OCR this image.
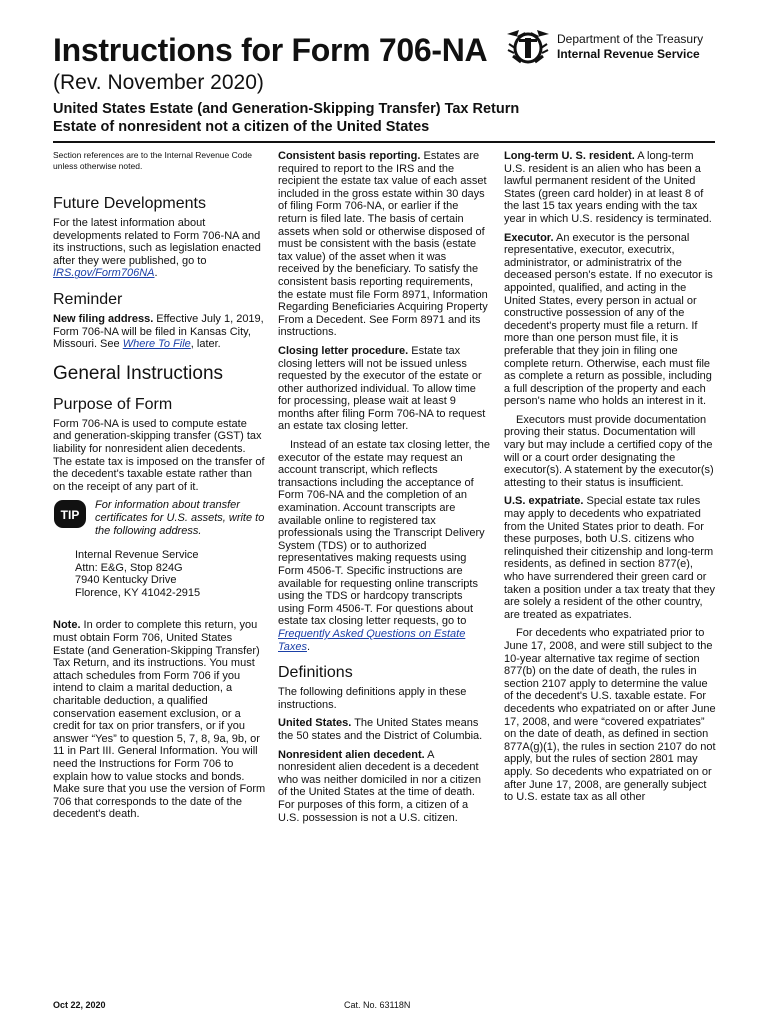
Instructions for Form 706-NA
(Rev. November 2020)
United States Estate (and Generation-Skipping Transfer) Tax Return
Estate of nonresident not a citizen of the United States
Department of the Treasury
Internal Revenue Service

Section references are to the Internal Revenue Code unless otherwise noted.

Future Developments

For the latest information about developments related to Form 706-NA and its instructions, such as legislation enacted after they were published, go to IRS.gov/Form706NA.

Reminder

New filing address. Effective July 1, 2019, Form 706-NA will be filed in Kansas City, Missouri. See Where To File, later.

General Instructions
Purpose of Form

Form 706-NA is used to compute estate and generation-skipping transfer (GST) tax liability for nonresident alien decedents. The estate tax is imposed on the transfer of the decedent's taxable estate rather than on the receipt of any part of it.

TIP
For information about transfer certificates for U.S. assets, write to the following address.
Internal Revenue Service
Attn: E&G, Stop 824G
7940 Kentucky Drive
Florence, KY 41042-2915

Note. In order to complete this return, you must obtain Form 706, United States Estate (and Generation-Skipping Transfer) Tax Return, and its instructions. You must attach schedules from Form 706 if you intend to claim a marital deduction, a charitable deduction, a qualified conservation easement exclusion, or a credit for tax on prior transfers, or if you answer “Yes” to question 5, 7, 8, 9a, 9b, or 11 in Part III. General Information. You will need the Instructions for Form 706 to explain how to value stocks and bonds. Make sure that you use the version of Form 706 that corresponds to the date of the decedent's death.

Consistent basis reporting. Estates are required to report to the IRS and the recipient the estate tax value of each asset included in the gross estate within 30 days of filing Form 706-NA, or earlier if the return is filed late. The basis of certain assets when sold or otherwise disposed of must be consistent with the basis (estate tax value) of the asset when it was received by the beneficiary. To satisfy the consistent basis reporting requirements, the estate must file Form 8971, Information Regarding Beneficiaries Acquiring Property From a Decedent. See Form 8971 and its instructions.

Closing letter procedure. Estate tax closing letters will not be issued unless requested by the executor of the estate or other authorized individual. To allow time for processing, please wait at least 9 months after filing Form 706-NA to request an estate tax closing letter.

Instead of an estate tax closing letter, the executor of the estate may request an account transcript, which reflects transactions including the acceptance of Form 706-NA and the completion of an examination. Account transcripts are available online to registered tax professionals using the Transcript Delivery System (TDS) or to authorized representatives making requests using Form 4506-T. Specific instructions are available for requesting online transcripts using the TDS or hardcopy transcripts using Form 4506-T. For questions about estate tax closing letter requests, go to Frequently Asked Questions on Estate Taxes.

Definitions

The following definitions apply in these instructions.

United States. The United States means the 50 states and the District of Columbia.

Nonresident alien decedent. A nonresident alien decedent is a decedent who was neither domiciled in nor a citizen of the United States at the time of death. For purposes of this form, a citizen of a U.S. possession is not a U.S. citizen.

Long-term U. S. resident. A long-term U.S. resident is an alien who has been a lawful permanent resident of the United States (green card holder) in at least 8 of the last 15 tax years ending with the tax year in which U.S. residency is terminated.

Executor. An executor is the personal representative, executor, executrix, administrator, or administratrix of the deceased person's estate. If no executor is appointed, qualified, and acting in the United States, every person in actual or constructive possession of any of the decedent's property must file a return. If more than one person must file, it is preferable that they join in filing one complete return. Otherwise, each must file as complete a return as possible, including a full description of the property and each person's name who holds an interest in it.

Executors must provide documentation proving their status. Documentation will vary but may include a certified copy of the will or a court order designating the executor(s). A statement by the executor(s) attesting to their status is insufficient.

U.S. expatriate. Special estate tax rules may apply to decedents who expatriated from the United States prior to death. For these purposes, both U.S. citizens who relinquished their citizenship and long-term residents, as defined in section 877(e), who have surrendered their green card or taken a position under a tax treaty that they are solely a resident of the other country, are treated as expatriates.

For decedents who expatriated prior to June 17, 2008, and were still subject to the 10-year alternative tax regime of section 877(b) on the date of death, the rules in section 2107 apply to determine the value of the decedent's U.S. taxable estate. For decedents who expatriated on or after June 17, 2008, and were “covered expatriates” on the date of death, as defined in section 877A(g)(1), the rules in section 2107 do not apply, but the rules of section 2801 may apply. So decedents who expatriated on or after June 17, 2008, are generally subject to U.S. estate tax as all other

Oct 22, 2020	Cat. No. 63118N
